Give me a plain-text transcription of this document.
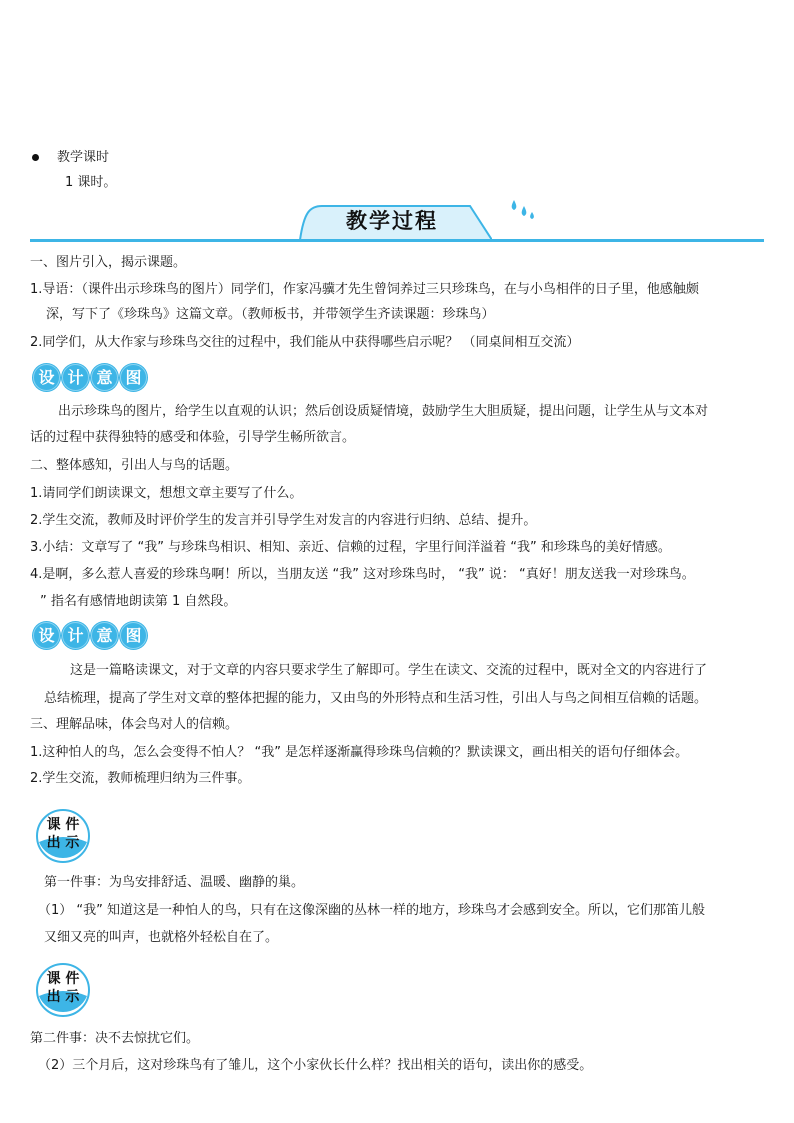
教学课时
1 课时。
教学过程
一、图片引入，揭示课题。
1.导语：（课件出示珍珠鸟的图片）同学们，作家冯骥才先生曾饲养过三只珍珠鸟，在与小鸟相伴的日子里，他感触颇
深，写下了《珍珠鸟》这篇文章。（教师板书，并带领学生齐读课题：珍珠鸟）
2.同学们，从大作家与珍珠鸟交往的过程中，我们能从中获得哪些启示呢？ （同桌间相互交流）
设 计 意 图
出示珍珠鸟的图片，给学生以直观的认识；然后创设质疑情境，鼓励学生大胆质疑，提出问题，让学生从与文本对
话的过程中获得独特的感受和体验，引导学生畅所欲言。
二、整体感知，引出人与鸟的话题。
1.请同学们朗读课文，想想文章主要写了什么。
2.学生交流，教师及时评价学生的发言并引导学生对发言的内容进行归纳、总结、提升。
3.小结：文章写了 “我” 与珍珠鸟相识、相知、亲近、信赖的过程，字里行间洋溢着 “我” 和珍珠鸟的美好情感。
4.是啊，多么惹人喜爱的珍珠鸟啊！所以，当朋友送 “我” 这对珍珠鸟时， “我” 说： “真好！朋友送我一对珍珠鸟。
” 指名有感情地朗读第 1 自然段。
设 计 意 图
这是一篇略读课文，对于文章的内容只要求学生了解即可。学生在读文、交流的过程中，既对全文的内容进行了
总结梳理，提高了学生对文章的整体把握的能力，又由鸟的外形特点和生活习性，引出人与鸟之间相互信赖的话题。
三、理解品味，体会鸟对人的信赖。
1.这种怕人的鸟，怎么会变得不怕人？ “我” 是怎样逐渐赢得珍珠鸟信赖的？默读课文，画出相关的语句仔细体会。
2.学生交流，教师梳理归纳为三件事。
课 件
出 示
第一件事：为鸟安排舒适、温暖、幽静的巢。
（1） “我” 知道这是一种怕人的鸟，只有在这像深幽的丛林一样的地方，珍珠鸟才会感到安全。所以，它们那笛儿般
又细又亮的叫声，也就格外轻松自在了。
课 件
出 示
第二件事：决不去惊扰它们。
（2）三个月后，这对珍珠鸟有了雏儿，这个小家伙长什么样？找出相关的语句，读出你的感受。
